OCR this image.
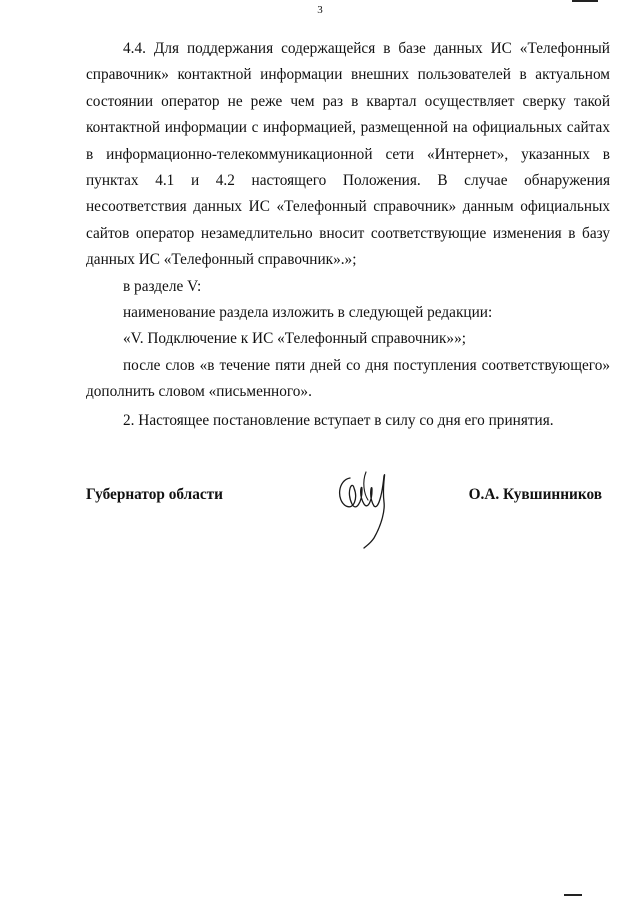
3

4.4. Для поддержания содержащейся в базе данных ИС «Телефонный справочник» контактной информации внешних пользователей в актуальном состоянии оператор не реже чем раз в квартал осуществляет сверку такой контактной информации с информацией, размещенной на официальных сайтах в информационно-телекоммуникационной сети «Интернет», указанных в пунктах 4.1 и 4.2 настоящего Положения. В случае обнаружения несоответствия данных ИС «Телефонный справочник» данным официальных сайтов оператор незамедлительно вносит соответствующие изменения в базу данных ИС «Телефонный справочник».»;

в разделе V:

наименование раздела изложить в следующей редакции:

«V. Подключение к ИС «Телефонный справочник»»;

после слов «в течение пяти дней со дня поступления соответствующего» дополнить словом «письменного».

2. Настоящее постановление вступает в силу со дня его принятия.

Губернатор области	О.А. Кувшинников
